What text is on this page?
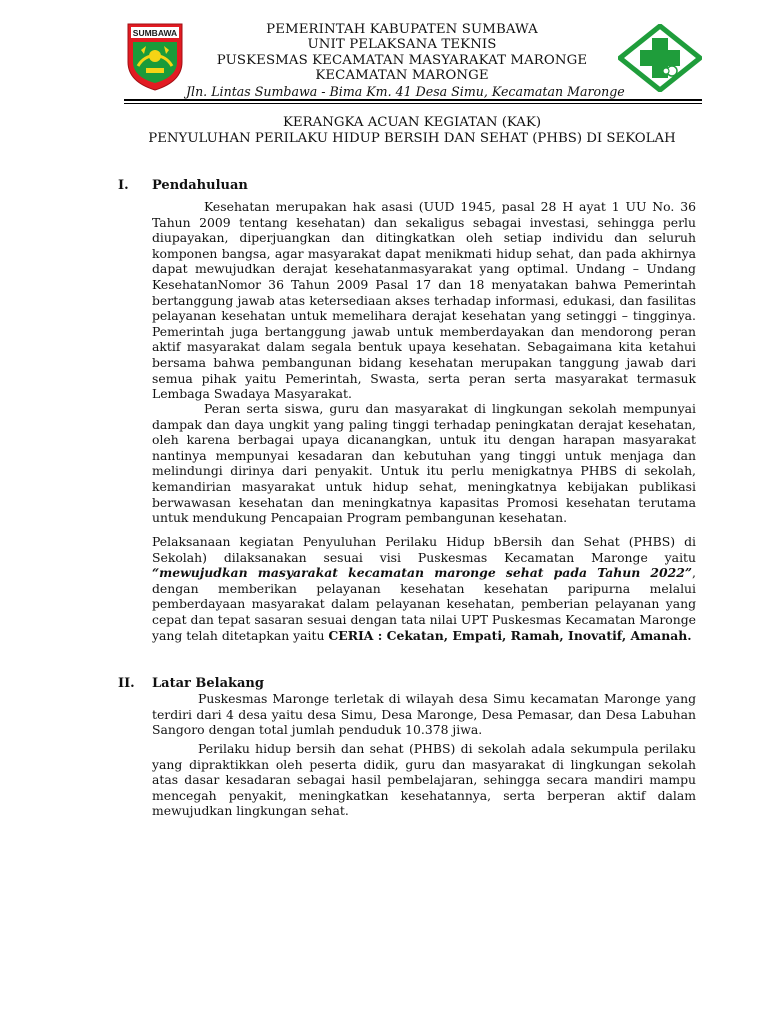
SUMBAWA	PEMERINTAH KABUPATEN SUMBAWA
UNIT PELAKSANA TEKNIS
PUSKESMAS KECAMATAN MASYARAKAT MARONGE
KECAMATAN MARONGE
Jln. Lintas Sumbawa - Bima Km. 41 Desa Simu, Kecamatan Maronge
KERANGKA ACUAN KEGIATAN (KAK)
PENYULUHAN PERILAKU HIDUP BERSIH DAN SEHAT (PHBS) DI SEKOLAH
I. Pendahuluan

Kesehatan merupakan hak asasi (UUD 1945, pasal 28 H ayat 1 UU No. 36 Tahun 2009 tentang kesehatan) dan sekaligus sebagai investasi, sehingga perlu diupayakan, diperjuangkan dan ditingkatkan oleh setiap individu dan seluruh komponen bangsa, agar masyarakat dapat menikmati hidup sehat, dan pada akhirnya dapat mewujudkan derajat kesehatanmasyarakat yang optimal. Undang – Undang KesehatanNomor 36 Tahun 2009 Pasal 17 dan 18 menyatakan bahwa Pemerintah bertanggung jawab atas ketersediaan akses terhadap informasi, edukasi, dan fasilitas pelayanan kesehatan untuk memelihara derajat kesehatan yang setinggi – tingginya. Pemerintah juga bertanggung jawab untuk memberdayakan dan mendorong peran aktif masyarakat dalam segala bentuk upaya kesehatan. Sebagaimana kita ketahui bersama bahwa pembangunan bidang kesehatan merupakan tanggung jawab dari semua pihak yaitu Pemerintah, Swasta, serta peran serta masyarakat termasuk Lembaga Swadaya Masyarakat.

Peran serta siswa, guru dan masyarakat di lingkungan sekolah mempunyai dampak dan daya ungkit yang paling tinggi terhadap peningkatan derajat kesehatan, oleh karena berbagai upaya dicanangkan, untuk itu dengan harapan masyarakat nantinya mempunyai kesadaran dan kebutuhan yang tinggi untuk menjaga dan melindungi dirinya dari penyakit. Untuk itu perlu menigkatnya PHBS di sekolah, kemandirian masyarakat untuk hidup sehat, meningkatnya kebijakan publikasi berwawasan kesehatan dan meningkatnya kapasitas Promosi kesehatan terutama untuk mendukung Pencapaian Program pembangunan kesehatan.

Pelaksanaan kegiatan Penyuluhan Perilaku Hidup bBersih dan Sehat (PHBS) di Sekolah) dilaksanakan sesuai visi Puskesmas Kecamatan Maronge yaitu “mewujudkan masyarakat kecamatan maronge sehat pada Tahun 2022”, dengan memberikan pelayanan kesehatan kesehatan paripurna melalui pemberdayaan masyarakat dalam pelayanan kesehatan, pemberian pelayanan yang cepat dan tepat sasaran sesuai dengan tata nilai UPT Puskesmas Kecamatan Maronge yang telah ditetapkan yaitu CERIA : Cekatan, Empati, Ramah, Inovatif, Amanah.

II. Latar Belakang

Puskesmas Maronge terletak di wilayah desa Simu kecamatan Maronge yang terdiri dari 4 desa yaitu desa Simu, Desa Maronge, Desa Pemasar, dan Desa Labuhan Sangoro dengan total jumlah penduduk 10.378 jiwa.

Perilaku hidup bersih dan sehat (PHBS) di sekolah adala sekumpula perilaku yang dipraktikkan oleh peserta didik, guru dan masyarakat di lingkungan sekolah atas dasar kesadaran sebagai hasil pembelajaran, sehingga secara mandiri mampu mencegah penyakit, meningkatkan kesehatannya, serta berperan aktif dalam mewujudkan lingkungan sehat.
